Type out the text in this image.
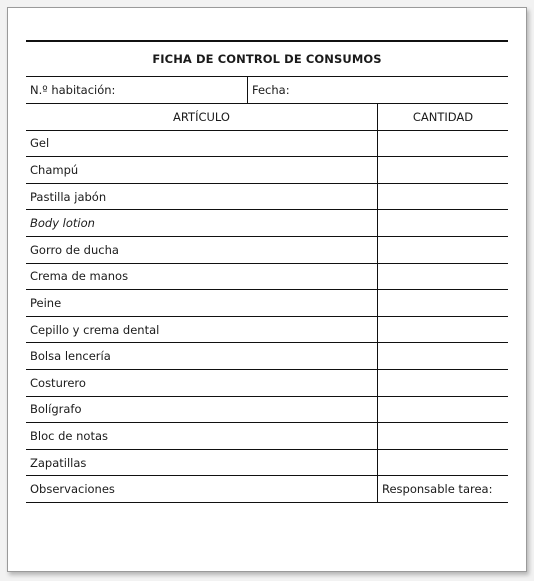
FICHA DE CONTROL DE CONSUMOS
N.º habitación:	Fecha:
ARTÍCULO	CANTIDAD
Gel
Champú
Pastilla jabón
Body lotion
Gorro de ducha
Crema de manos
Peine
Cepillo y crema dental
Bolsa lencería
Costurero
Bolígrafo
Bloc de notas
Zapatillas
Observaciones	Responsable tarea:
